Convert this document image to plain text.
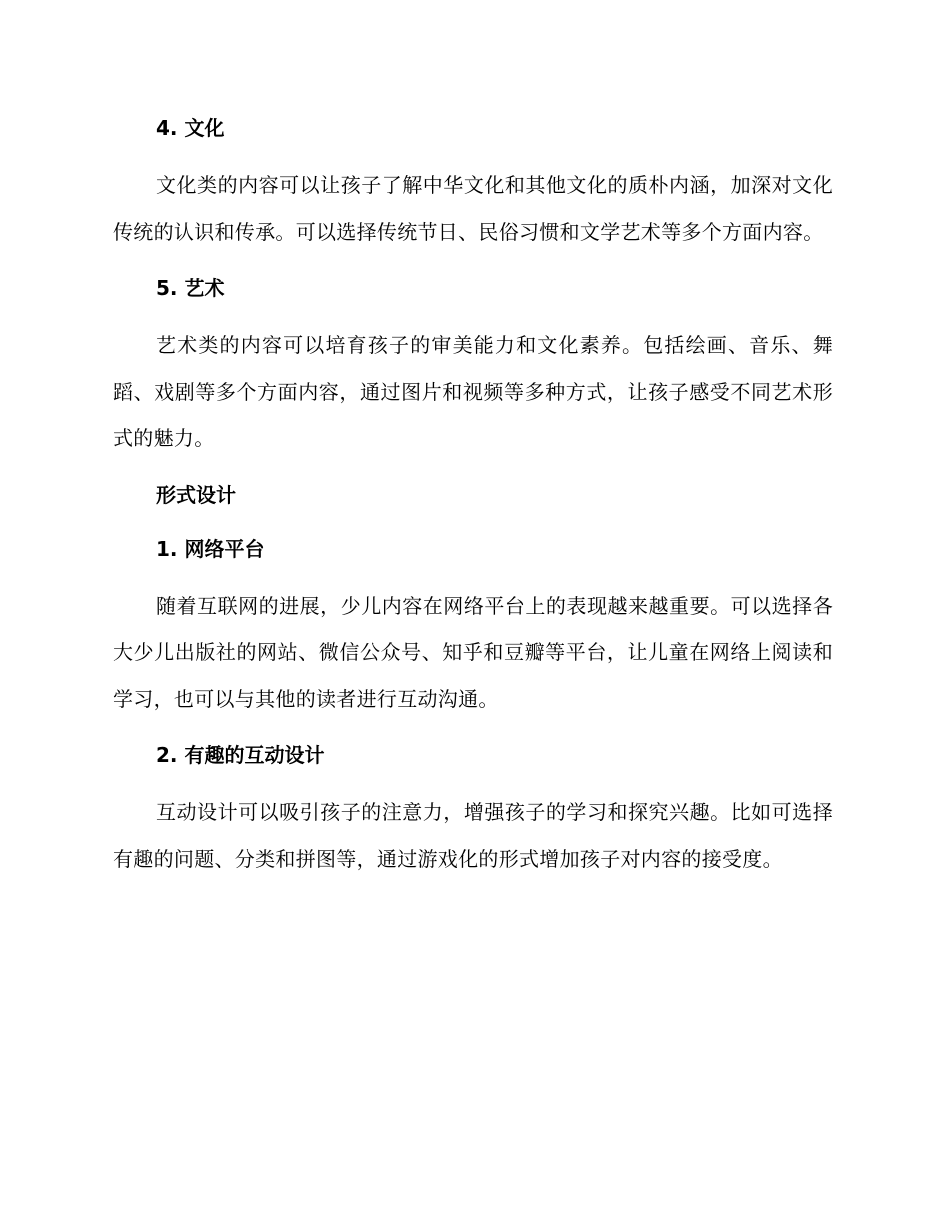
4. 文化

文化类的内容可以让孩子了解中华文化和其他文化的质朴内涵，加深对文化传统的认识和传承。可以选择传统节日、民俗习惯和文学艺术等多个方面内容。

5. 艺术

艺术类的内容可以培育孩子的审美能力和文化素养。包括绘画、音乐、舞蹈、戏剧等多个方面内容，通过图片和视频等多种方式，让孩子感受不同艺术形式的魅力。

形式设计
1. 网络平台

随着互联网的进展，少儿内容在网络平台上的表现越来越重要。可以选择各大少儿出版社的网站、微信公众号、知乎和豆瓣等平台，让儿童在网络上阅读和学习，也可以与其他的读者进行互动沟通。

2. 有趣的互动设计

互动设计可以吸引孩子的注意力，增强孩子的学习和探究兴趣。比如可选择有趣的问题、分类和拼图等，通过游戏化的形式增加孩子对内容的接受度。
